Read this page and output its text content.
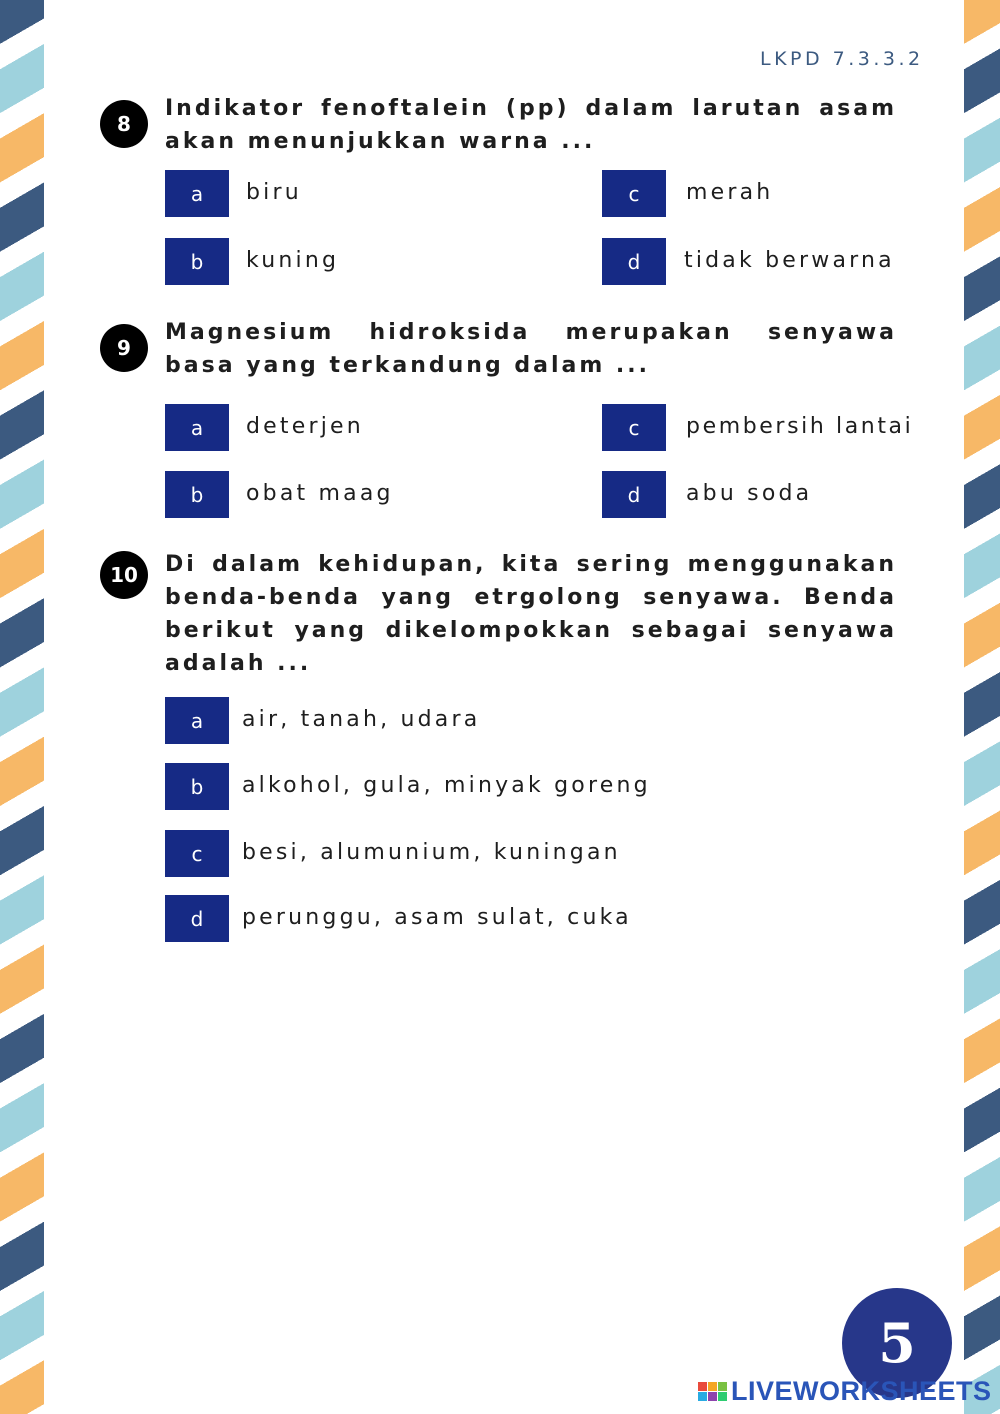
LKPD 7.3.3.2
8

Indikator fenoftalein (pp) dalam larutan asam akan menunjukkan warna ...

a	biru
b	kuning
c	merah
d	tidak berwarna
9

Magnesium hidroksida merupakan senyawa basa yang terkandung dalam ...

a	deterjen
b	obat maag
c	pembersih lantai
d	abu soda
10	Di dalam kehidupan, kita sering menggunakan benda-benda yang etrgolong senyawa. Benda berikut yang dikelompokkan sebagai senyawa adalah ...

a	air, tanah, udara
b	alkohol, gula, minyak goreng
c	besi, alumunium, kuningan
d	perunggu, asam sulat, cuka
5
LIVEWORKSHEETS
